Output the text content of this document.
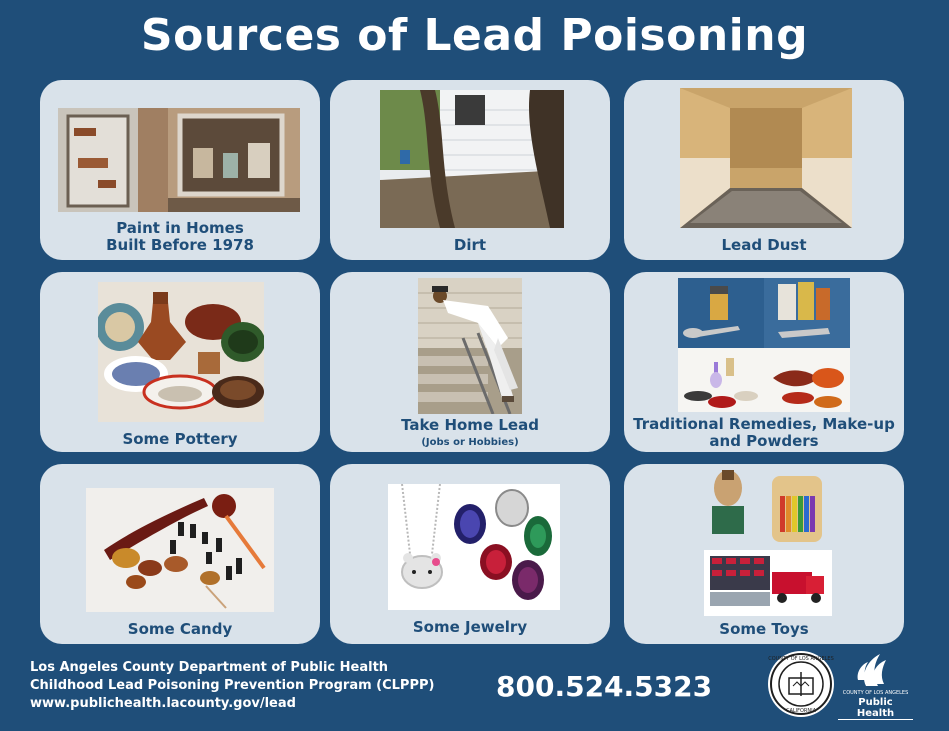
Sources of Lead Poisoning
Paint in Homes
Built Before 1978	Dirt	Lead Dust
Some Pottery
Take Home Lead
(Jobs or Hobbies)
Traditional Remedies, Make-up
and Powders
Some Candy	Some Jewelry	Some Toys
Los Angeles County Department of Public Health
Childhood Lead Poisoning Prevention Program (CLPPP)
www.publichealth.lacounty.gov/lead
800.524.5323
COUNTY OF LOS ANGELES
CALIFORNIA
COUNTY OF LOS ANGELES
Public Health
